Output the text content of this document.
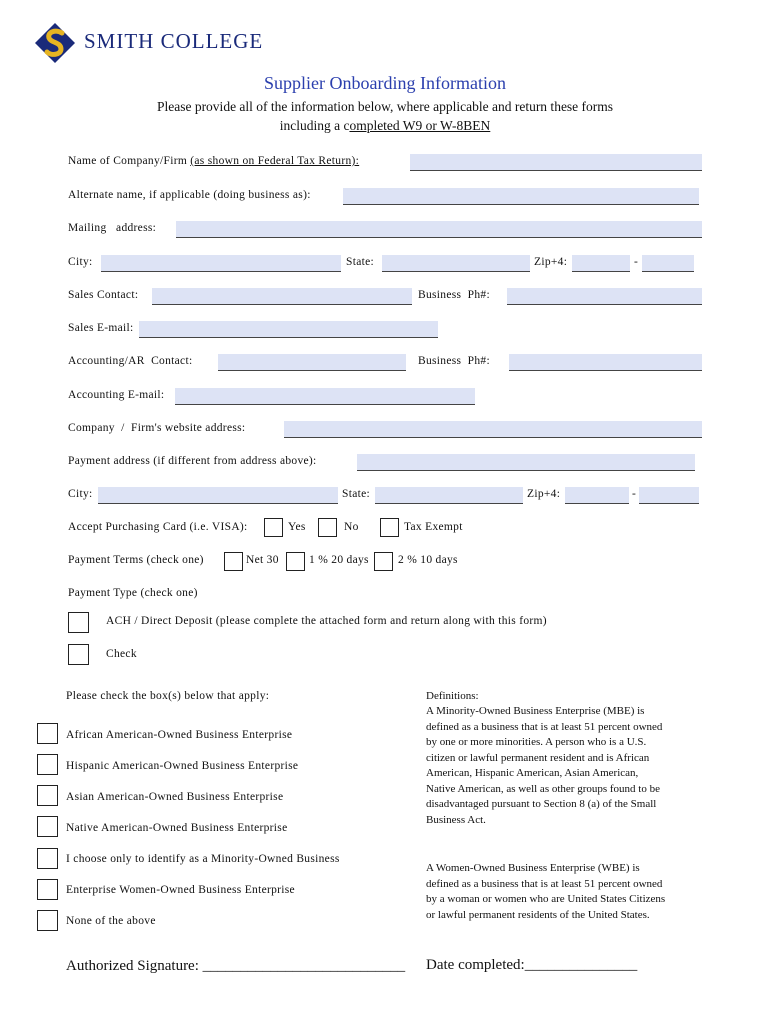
SMITH COLLEGE
Supplier Onboarding Information
Please provide all of the information below, where applicable and return these forms
including a completed W9 or W-8BEN
Name of Company/Firm (as shown on Federal Tax Return):
Alternate name, if applicable (doing business as):
Mailing   address:
City:	State:	Zip+4:	-
Sales Contact:	Business  Ph#:
Sales E-mail:
Accounting/AR  Contact:	Business  Ph#:
Accounting E-mail:
Company  /  Firm's website address:
Payment address (if different from address above):
City:	State:	Zip+4:	-
Accept Purchasing Card (i.e. VISA):	Yes	No	Tax Exempt
Payment Terms (check one)	Net 30	1 % 20 days	2 % 10 days
Payment Type (check one)
ACH / Direct Deposit (please complete the attached form and return along with this form)
Check
Please check the box(s) below that apply:
African American-Owned Business Enterprise
Hispanic American-Owned Business Enterprise
Asian American-Owned Business Enterprise
Native American-Owned Business Enterprise
I choose only to identify as a Minority-Owned Business
Enterprise Women-Owned Business Enterprise
None of the above
Definitions:
A Minority-Owned Business Enterprise (MBE) is
defined as a business that is at least 51 percent owned
by one or more minorities. A person who is a U.S.
citizen or lawful permanent resident and is African
American, Hispanic American, Asian American,
Native American, as well as other groups found to be
disadvantaged pursuant to Section 8 (a) of the Small
Business Act.
A Women-Owned Business Enterprise (WBE) is
defined as a business that is at least 51 percent owned
by a woman or women who are United States Citizens
or lawful permanent residents of the United States.
Authorized Signature: ___________________________ Date completed:_______________
